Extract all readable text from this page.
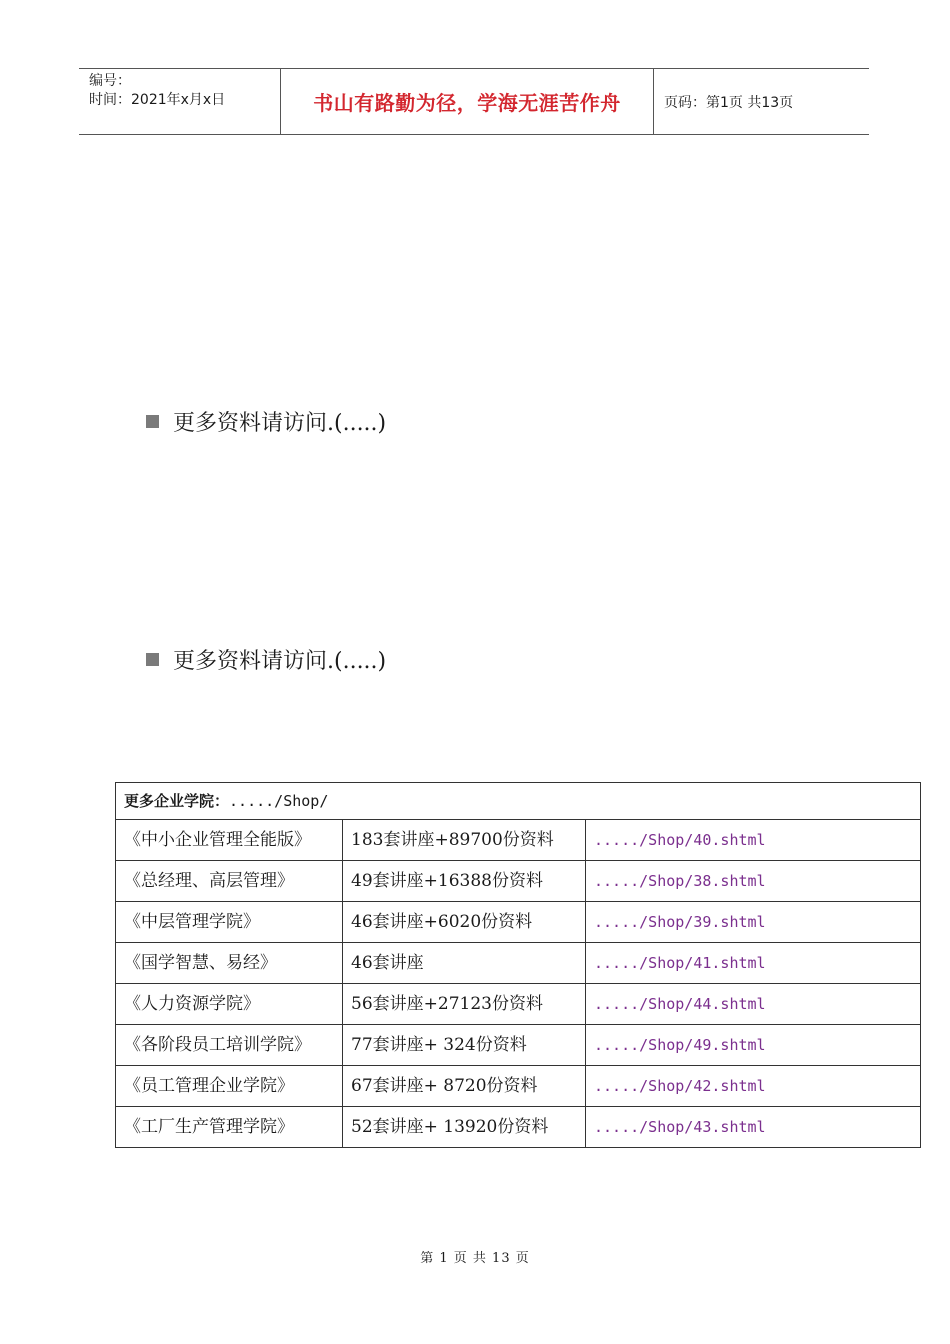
编号：
时间：2021年x月x日	书山有路勤为径，学海无涯苦作舟	页码：第1页 共13页
更多资料请访问.(.....)
更多资料请访问.(.....)
更多企业学院：...../Shop/		
《中小企业管理全能版》	183套讲座+89700份资料	...../Shop/40.shtml
《总经理、高层管理》	49套讲座+16388份资料	...../Shop/38.shtml
《中层管理学院》	46套讲座+6020份资料	...../Shop/39.shtml
《国学智慧、易经》	46套讲座	...../Shop/41.shtml
《人力资源学院》	56套讲座+27123份资料	...../Shop/44.shtml
《各阶段员工培训学院》	77套讲座+ 324份资料	...../Shop/49.shtml
《员工管理企业学院》	67套讲座+ 8720份资料	...../Shop/42.shtml
《工厂生产管理学院》	52套讲座+ 13920份资料	...../Shop/43.shtml
第 1 页 共 13 页
